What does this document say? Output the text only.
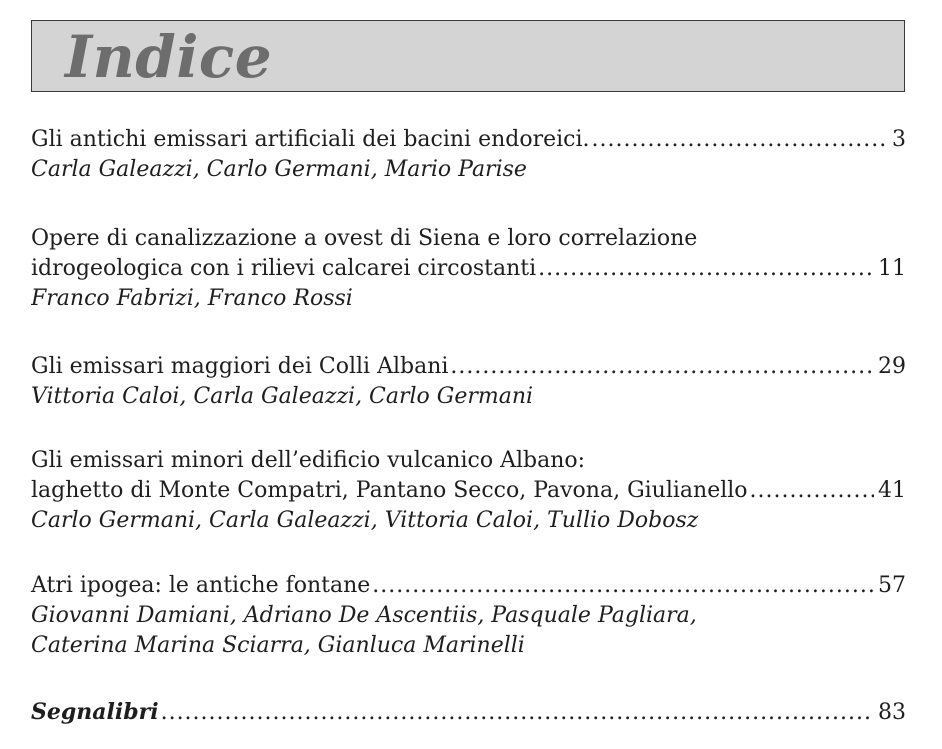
Indice
Gli antichi emissari artificiali dei bacini endoreici. .....	3
Carla Galeazzi, Carlo Germani, Mario Parise
Opere di canalizzazione a ovest di Siena e loro correlazione
idrogeologica con i rilievi calcarei circostanti .....	11
Franco Fabrizi, Franco Rossi
Gli emissari maggiori dei Colli Albani .....	29
Vittoria Caloi, Carla Galeazzi, Carlo Germani
Gli emissari minori dell’edificio vulcanico Albano:
laghetto di Monte Compatri, Pantano Secco, Pavona, Giulianello .....	41
Carlo Germani, Carla Galeazzi, Vittoria Caloi, Tullio Dobosz
Atri ipogea: le antiche fontane .....	57
Giovanni Damiani, Adriano De Ascentiis, Pasquale Pagliara,
Caterina Marina Sciarra, Gianluca Marinelli
Segnalibri .....	83
